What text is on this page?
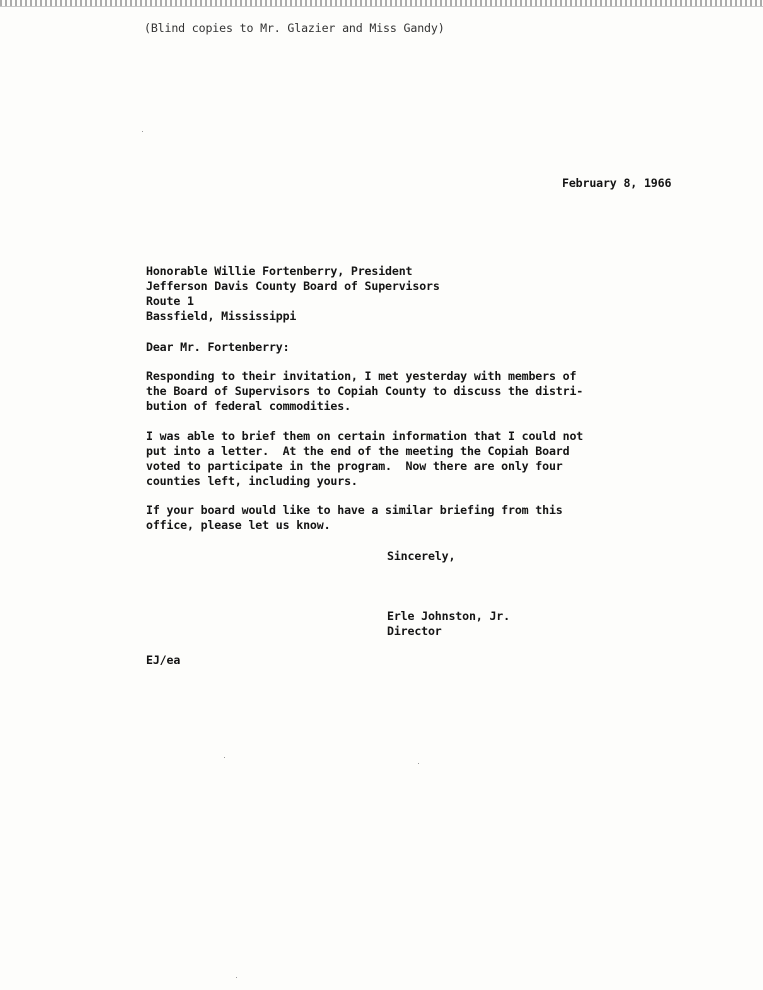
(Blind copies to Mr. Glazier and Miss Gandy)
February 8, 1966
Honorable Willie Fortenberry, President
Jefferson Davis County Board of Supervisors
Route 1
Bassfield, Mississippi
Dear Mr. Fortenberry:
Responding to their invitation, I met yesterday with members of
the Board of Supervisors to Copiah County to discuss the distri-
bution of federal commodities.
I was able to brief them on certain information that I could not
put into a letter.  At the end of the meeting the Copiah Board
voted to participate in the program.  Now there are only four
counties left, including yours.
If your board would like to have a similar briefing from this
office, please let us know.
Sincerely,
Erle Johnston, Jr.
Director
EJ/ea
